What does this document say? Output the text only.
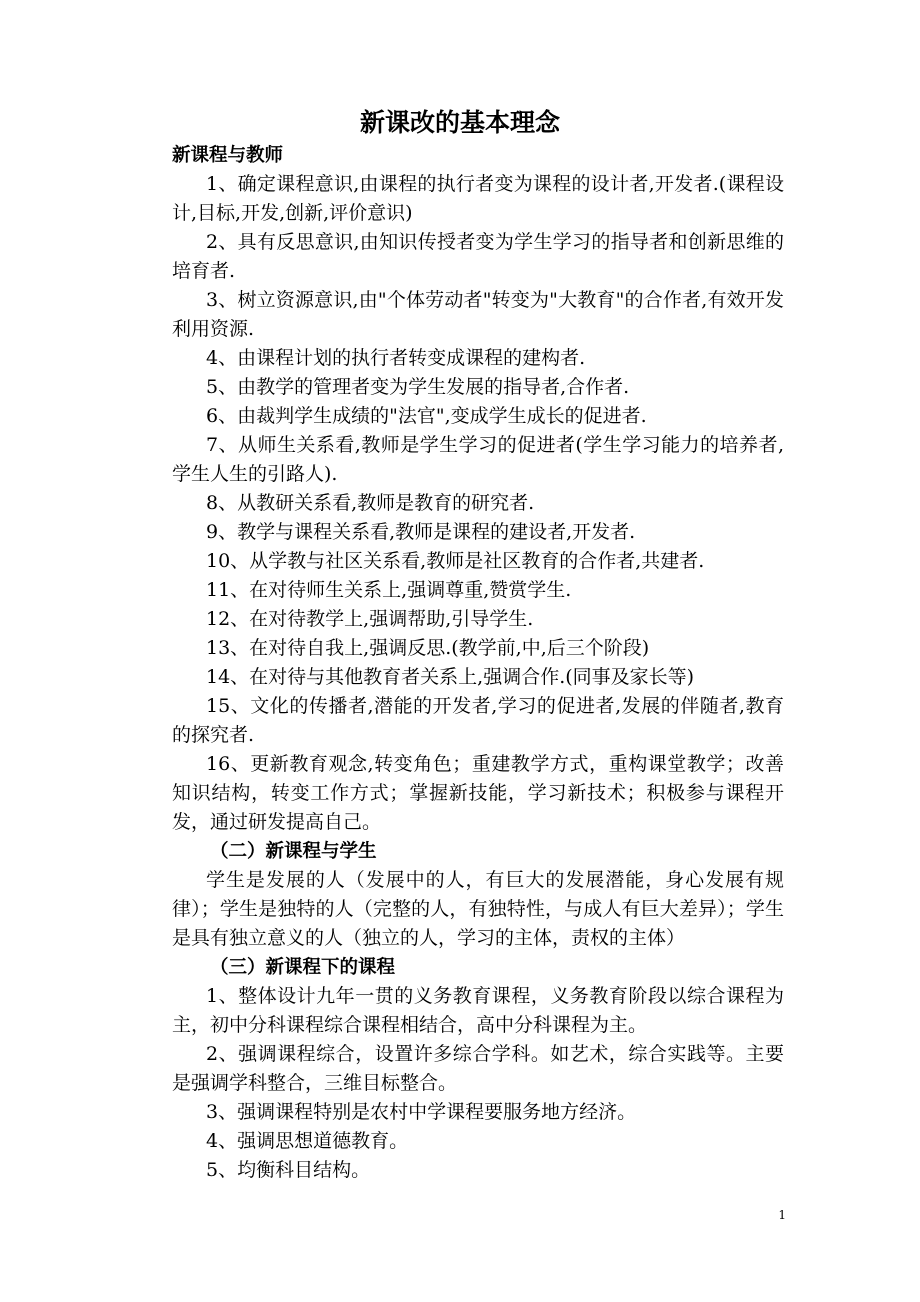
新课改的基本理念
新课程与教师
1、确定课程意识,由课程的执行者变为课程的设计者,开发者.(课程设计,目标,开发,创新,评价意识)
2、具有反思意识,由知识传授者变为学生学习的指导者和创新思维的培育者.
3、树立资源意识,由"个体劳动者"转变为"大教育"的合作者,有效开发利用资源.
4、由课程计划的执行者转变成课程的建构者.
5、由教学的管理者变为学生发展的指导者,合作者.
6、由裁判学生成绩的"法官",变成学生成长的促进者.
7、从师生关系看,教师是学生学习的促进者(学生学习能力的培养者,学生人生的引路人).
8、从教研关系看,教师是教育的研究者.
9、教学与课程关系看,教师是课程的建设者,开发者.
10、从学教与社区关系看,教师是社区教育的合作者,共建者.
11、在对待师生关系上,强调尊重,赞赏学生.
12、在对待教学上,强调帮助,引导学生.
13、在对待自我上,强调反思.(教学前,中,后三个阶段)
14、在对待与其他教育者关系上,强调合作.(同事及家长等)
15、文化的传播者,潜能的开发者,学习的促进者,发展的伴随者,教育的探究者.
16、更新教育观念,转变角色；重建教学方式，重构课堂教学；改善知识结构，转变工作方式；掌握新技能，学习新技术；积极参与课程开发，通过研发提高自己。
（二）新课程与学生
学生是发展的人（发展中的人，有巨大的发展潜能，身心发展有规律）；学生是独特的人（完整的人，有独特性，与成人有巨大差异）；学生是具有独立意义的人（独立的人，学习的主体，责权的主体）
（三）新课程下的课程
1、整体设计九年一贯的义务教育课程，义务教育阶段以综合课程为主，初中分科课程综合课程相结合，高中分科课程为主。
2、强调课程综合，设置许多综合学科。如艺术，综合实践等。主要是强调学科整合，三维目标整合。
3、强调课程特别是农村中学课程要服务地方经济。
4、强调思想道德教育。
5、均衡科目结构。
1
